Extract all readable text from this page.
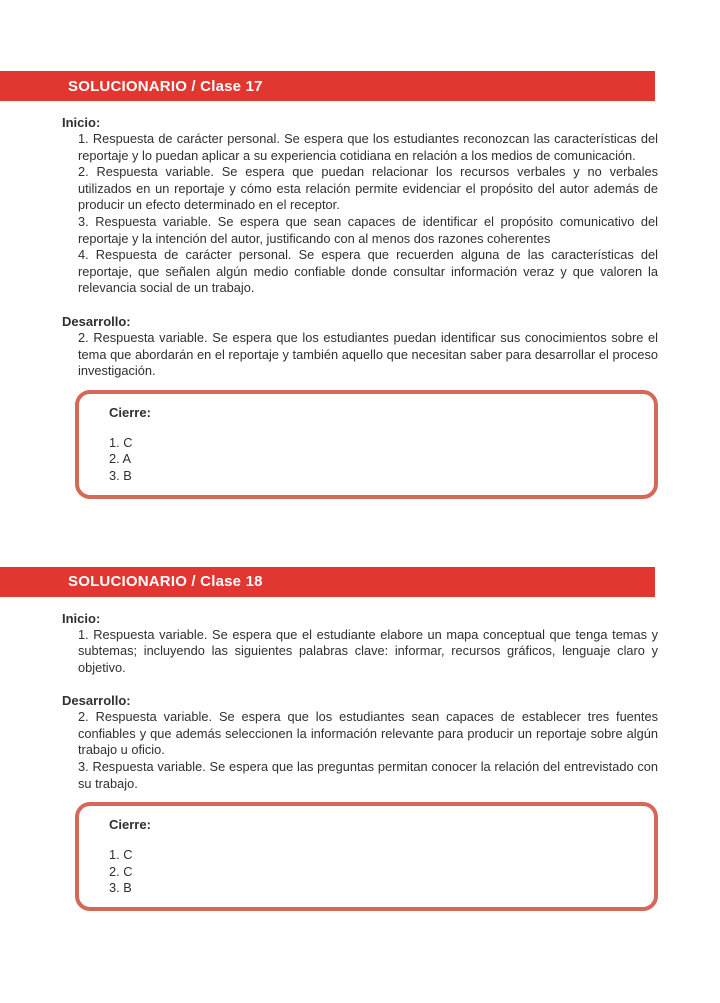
SOLUCIONARIO / Clase 17

Inicio:

1. Respuesta de carácter personal. Se espera que los estudiantes reconozcan las características del reportaje y lo puedan aplicar a su experiencia cotidiana en relación a los medios de comunicación.

2. Respuesta variable. Se espera que puedan relacionar los recursos verbales y no verbales utilizados en un reportaje y cómo esta relación permite evidenciar el propósito del autor además de producir un efecto determinado en el receptor.

3. Respuesta variable. Se espera que sean capaces de identificar el propósito comunicativo del reportaje y la intención del autor, justificando con al menos dos razones coherentes

4. Respuesta de carácter personal. Se espera que recuerden alguna de las características del reportaje, que señalen algún medio confiable donde consultar información veraz y que valoren la relevancia social de un trabajo.

Desarrollo:

2. Respuesta variable. Se espera que los estudiantes puedan identificar sus conocimientos sobre el tema que abordarán en el reportaje y también aquello que necesitan saber para desarrollar el proceso investigación.

Cierre:
1. C
2. A
3. B
SOLUCIONARIO / Clase 18

Inicio:

1. Respuesta variable. Se espera que el estudiante elabore un mapa conceptual que tenga temas y subtemas; incluyendo las siguientes palabras clave: informar, recursos gráficos, lenguaje claro y objetivo.

Desarrollo:

2. Respuesta variable. Se espera que los estudiantes sean capaces de establecer tres fuentes confiables y que además seleccionen la información relevante para producir un reportaje sobre algún trabajo u oficio.

3. Respuesta variable. Se espera que las preguntas permitan conocer la relación del entrevistado con su trabajo.

Cierre:
1. C
2. C
3. B
